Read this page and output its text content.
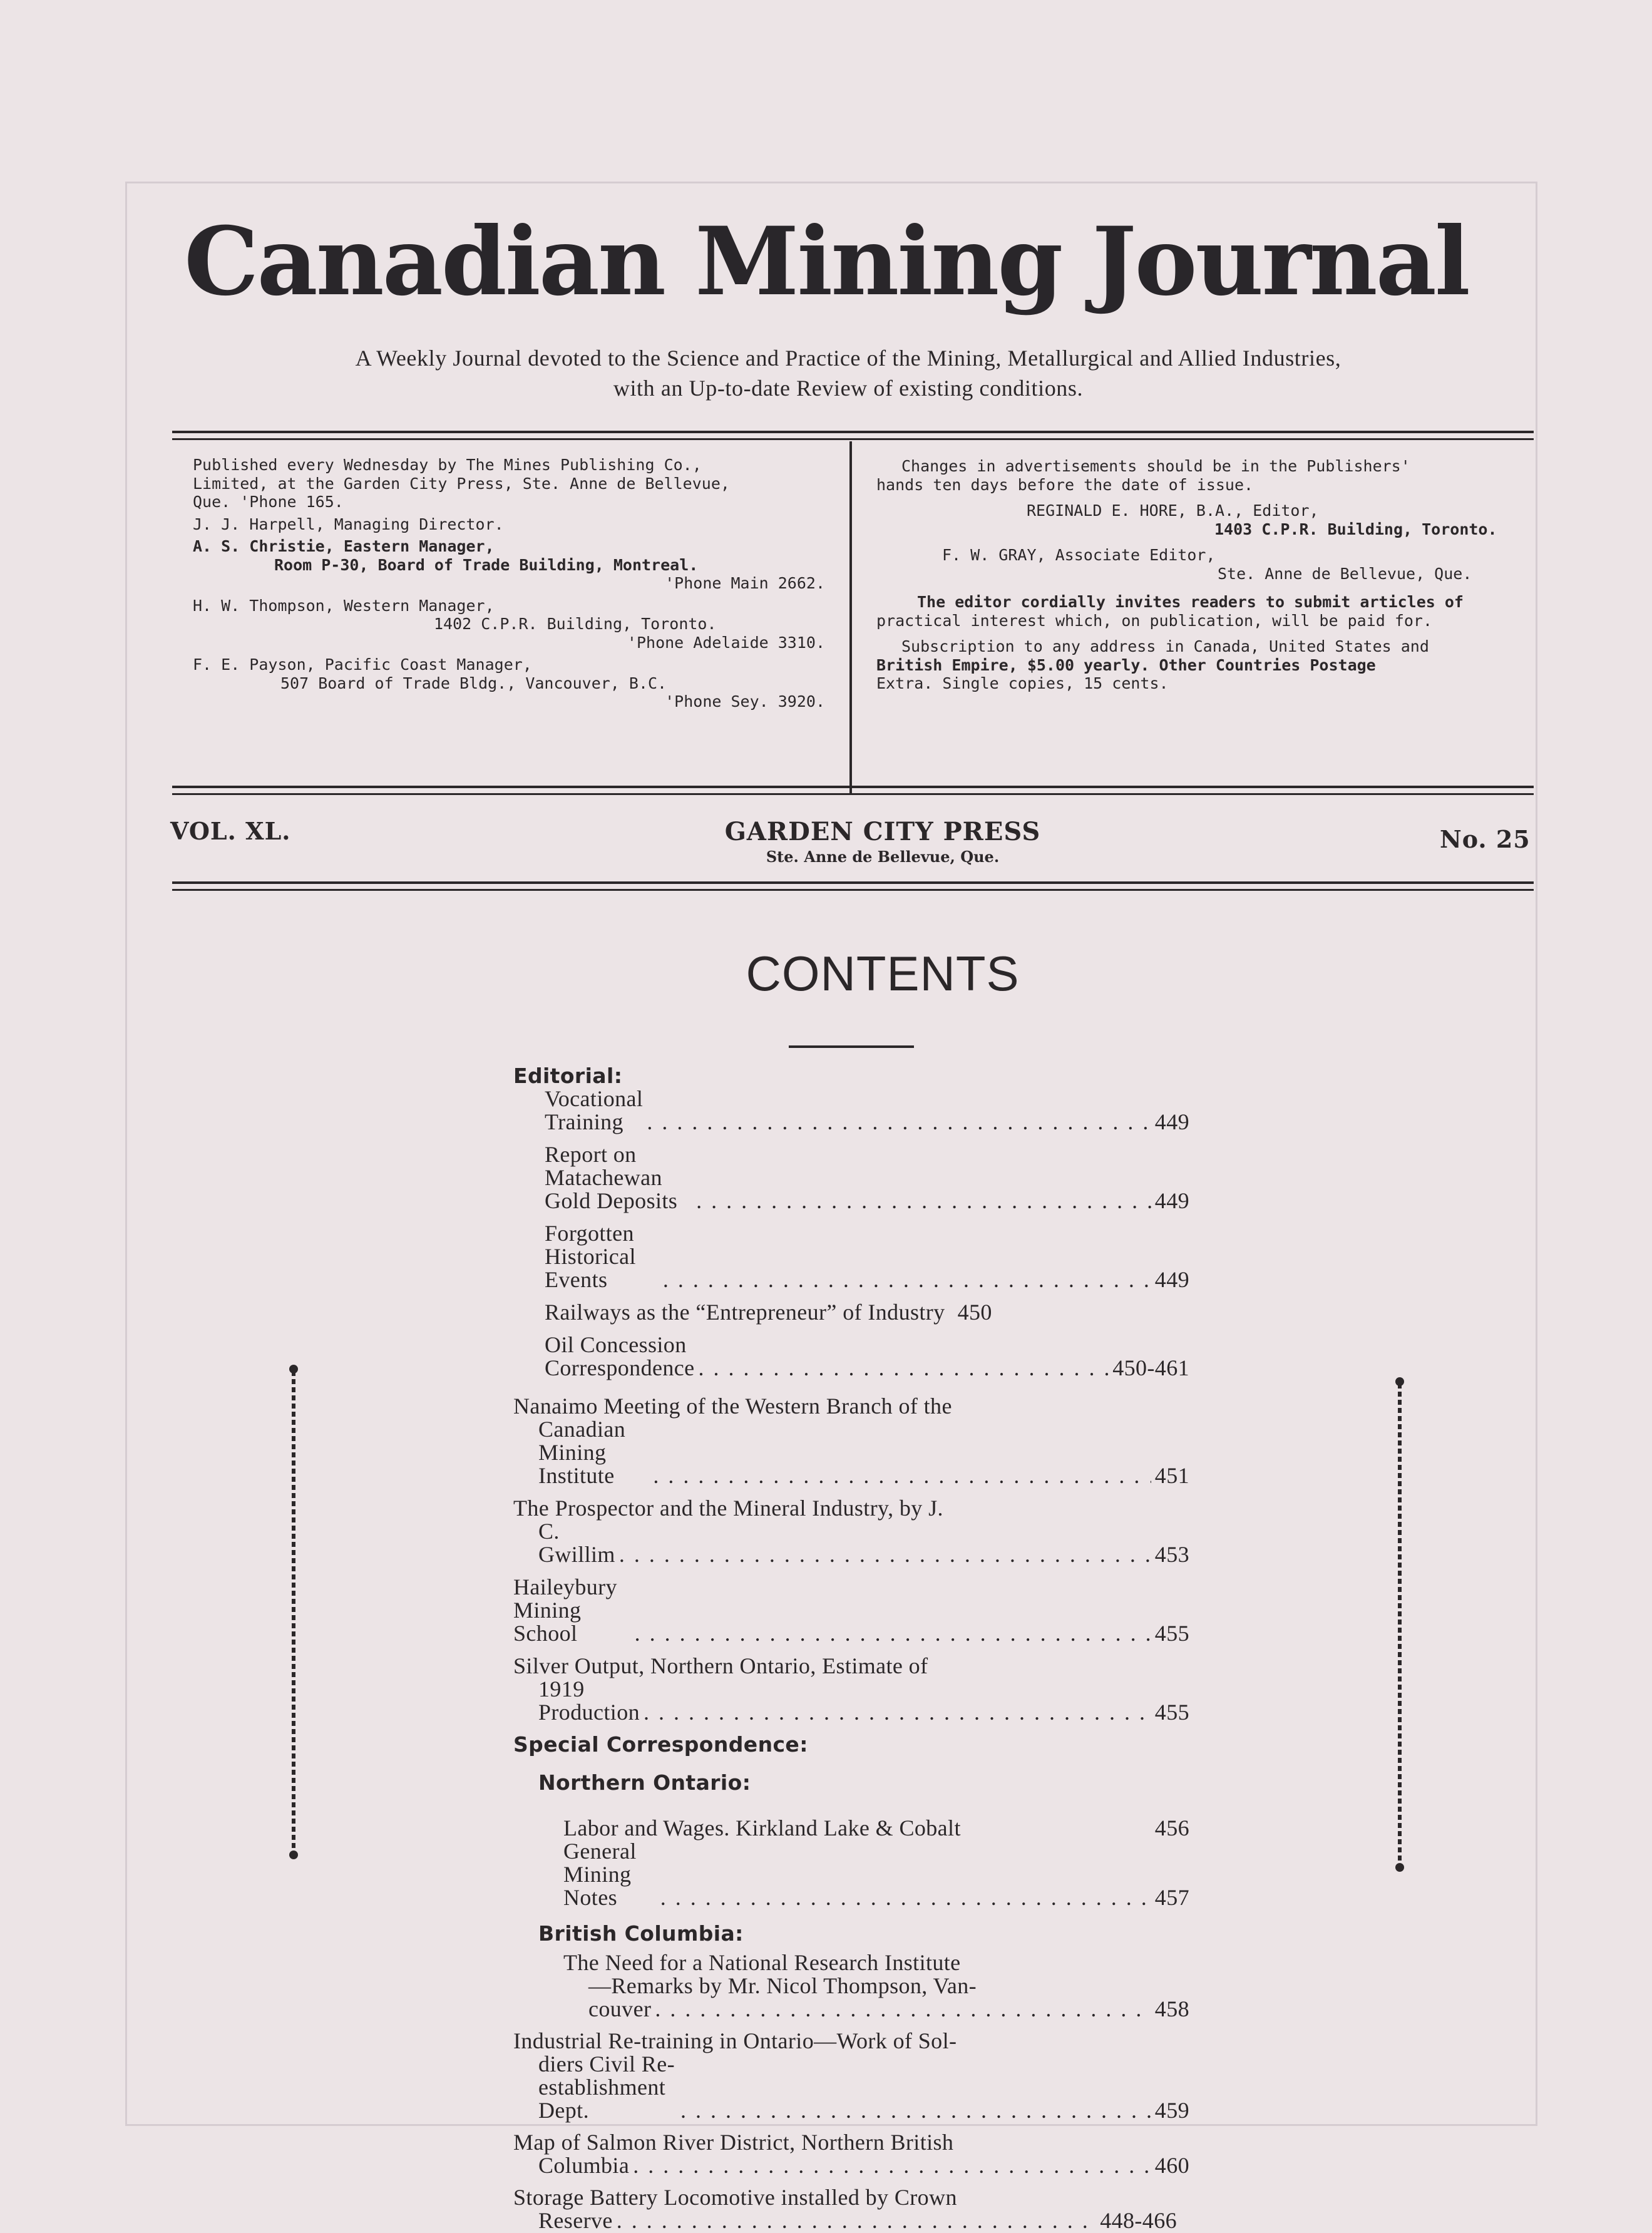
Canadian Mining Journal
A Weekly Journal devoted to the Science and Practice of the Mining, Metallurgical and Allied Industries,
with an Up-to-date Review of existing conditions.
Published every Wednesday by The Mines Publishing Co.,
Limited, at the Garden City Press, Ste. Anne de Bellevue,
Que. 'Phone 165.
J. J. Harpell, Managing Director.
A. S. Christie, Eastern Manager,
Room P-30, Board of Trade Building, Montreal.
'Phone Main 2662.
H. W. Thompson, Western Manager,
1402 C.P.R. Building, Toronto.
'Phone Adelaide 3310.
F. E. Payson, Pacific Coast Manager,
507 Board of Trade Bldg., Vancouver, B.C.
'Phone Sey. 3920.
Changes in advertisements should be in the Publishers'
hands ten days before the date of issue.
REGINALD E. HORE, B.A., Editor,
1403 C.P.R. Building, Toronto.
F. W. GRAY, Associate Editor,
Ste. Anne de Bellevue, Que.
The editor cordially invites readers to submit articles of
practical interest which, on publication, will be paid for.
Subscription to any address in Canada, United States and
British Empire, $5.00 yearly. Other Countries Postage
Extra. Single copies, 15 cents.
VOL. XL.	GARDEN CITY PRESS
Ste. Anne de Bellevue, Que.
No. 25
CONTENTS
Editorial:
Vocational Training . . .	449
Report on Matachewan Gold Deposits . . .	449
Forgotten Historical Events . . .	449
Railways as the “Entrepreneur” of Industry 450
Oil Concession Correspondence . . .	450-461
Nanaimo Meeting of the Western Branch of the
Canadian Mining Institute . . .	451
The Prospector and the Mineral Industry, by J.
C. Gwillim . . .	453
Haileybury Mining School . . .	455
Silver Output, Northern Ontario, Estimate of
1919 Production . . .	455
Special Correspondence:
Northern Ontario:
Labor and Wages. Kirkland Lake & Cobalt	456
General Mining Notes . . .	457
British Columbia:
The Need for a National Research Institute
—Remarks by Mr. Nicol Thompson, Van-
couver . . .	458
Industrial Re-training in Ontario—Work of Sol-
diers Civil Re-establishment Dept. . . .	459
Map of Salmon River District, Northern British
Columbia . . .	460
Storage Battery Locomotive installed by Crown
Reserve . . .	448-466
